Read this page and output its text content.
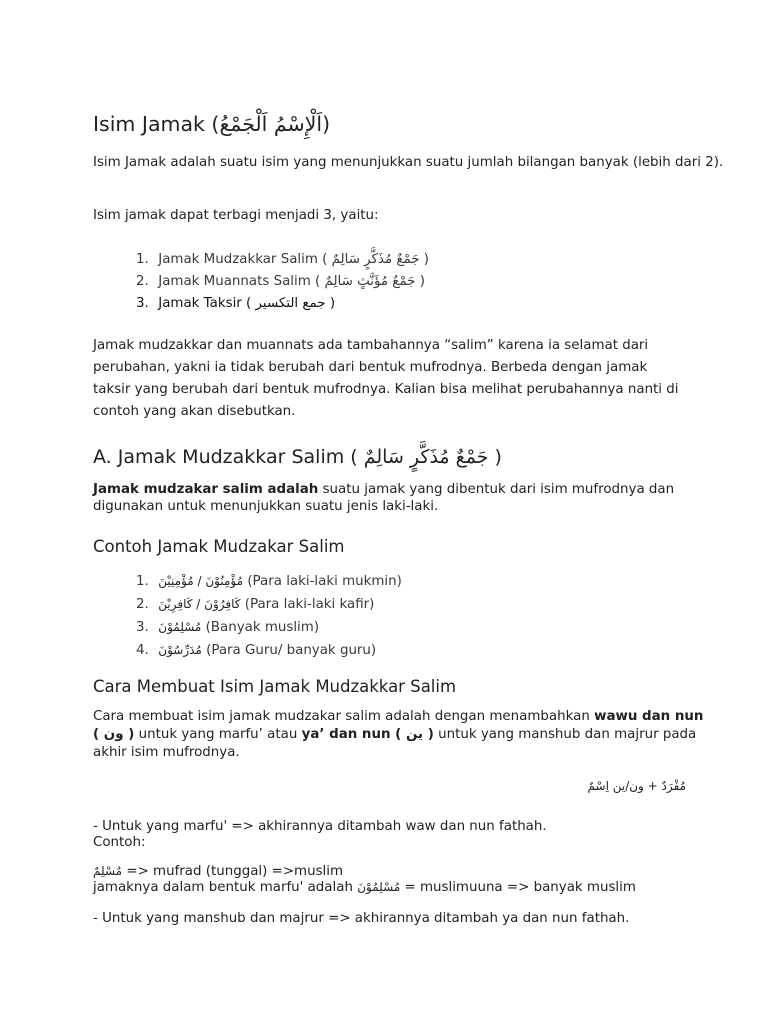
Isim Jamak (اَلْإِسْمُ اَلْجَمْعُ)

Isim Jamak adalah suatu isim yang menunjukkan suatu jumlah bilangan banyak (lebih dari 2).

Isim jamak dapat terbagi menjadi 3, yaitu:

1. Jamak Mudzakkar Salim ( جَمْعٌ مُذَكَّرٍ سَالِمٌ )
2. Jamak Muannats Salim ( جَمْعٌ مُؤَنَّثٍ سَالِمٌ )
3. Jamak Taksir ( جمع التكسير )

Jamak mudzakkar dan muannats ada tambahannya “salim” karena ia selamat dari perubahan, yakni ia tidak berubah dari bentuk mufrodnya. Berbeda dengan jamak taksir yang berubah dari bentuk mufrodnya. Kalian bisa melihat perubahannya nanti di contoh yang akan disebutkan.

A. Jamak Mudzakkar Salim ( جَمْعٌ مُذَكَّرٍ سَالِمٌ )

Jamak mudzakar salim adalah suatu jamak yang dibentuk dari isim mufrodnya dan digunakan untuk menunjukkan suatu jenis laki-laki.

Contoh Jamak Mudzakar Salim
1. مُؤْمِنُوْنَ / مُؤْمِنِيْنَ (Para laki-laki mukmin)
2. كَافِرُوْنَ / كَافِرِيْنَ (Para laki-laki kafir)
3. مُسْلِمُوْنَ (Banyak muslim)
4. مُدَرِّسُوْنَ (Para Guru/ banyak guru)
Cara Membuat Isim Jamak Mudzakkar Salim

Cara membuat isim jamak mudzakar salim adalah dengan menambahkan wawu dan nun ( ون ) untuk yang marfu’ atau ya’ dan nun ( ين ) untuk yang manshub dan majrur pada akhir isim mufrodnya.

مُفْرَدٌ + ون/ين اِسْمٌ

- Untuk yang marfu' => akhirannya ditambah waw dan nun fathah.

Contoh:

مُسْلِمٌ => mufrad (tunggal) =>muslim

jamaknya dalam bentuk marfu' adalah مُسْلِمُوْنَ = muslimuuna => banyak muslim

- Untuk yang manshub dan majrur => akhirannya ditambah ya dan nun fathah.
